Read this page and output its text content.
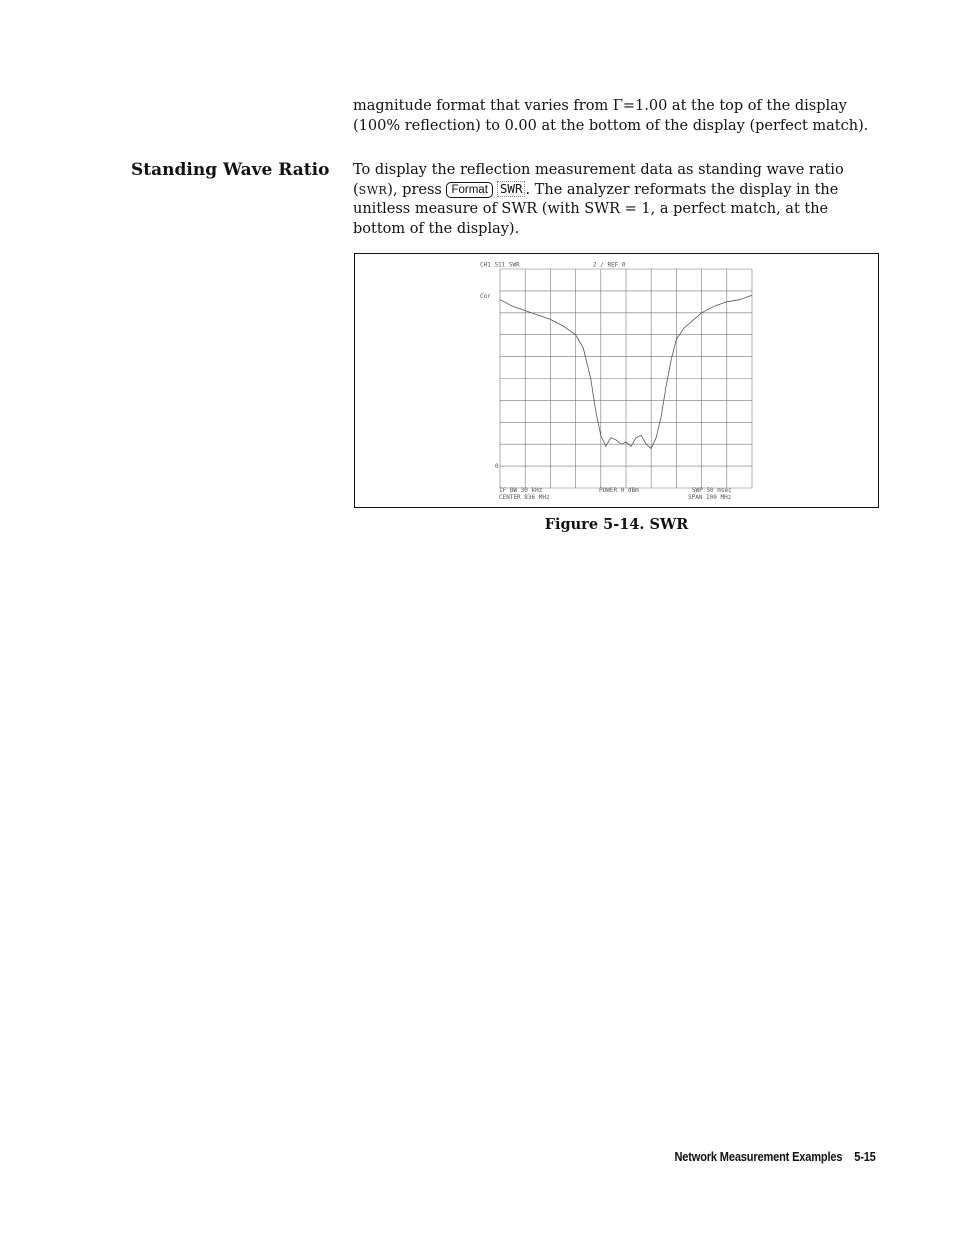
magnitude format that varies from Γ=1.00 at the top of the display (100% reflection) to 0.00 at the bottom of the display (perfect match).

Standing Wave Ratio To display the reflection measurement data as standing wave ratio (SWR), press Format SWR . The analyzer reformats the display in the unitless measure of SWR (with SWR = 1, a perfect match, at the bottom of the display).

CH1 S11 SWR	2 / REF 0
Cor
0
IF BW 30 kHz	POWER 0 dBm	SWP 50 msec
CENTER 836 MHz	SPAN 100 MHz

Figure 5-14. SWR

Network Measurement Examples 5-15
